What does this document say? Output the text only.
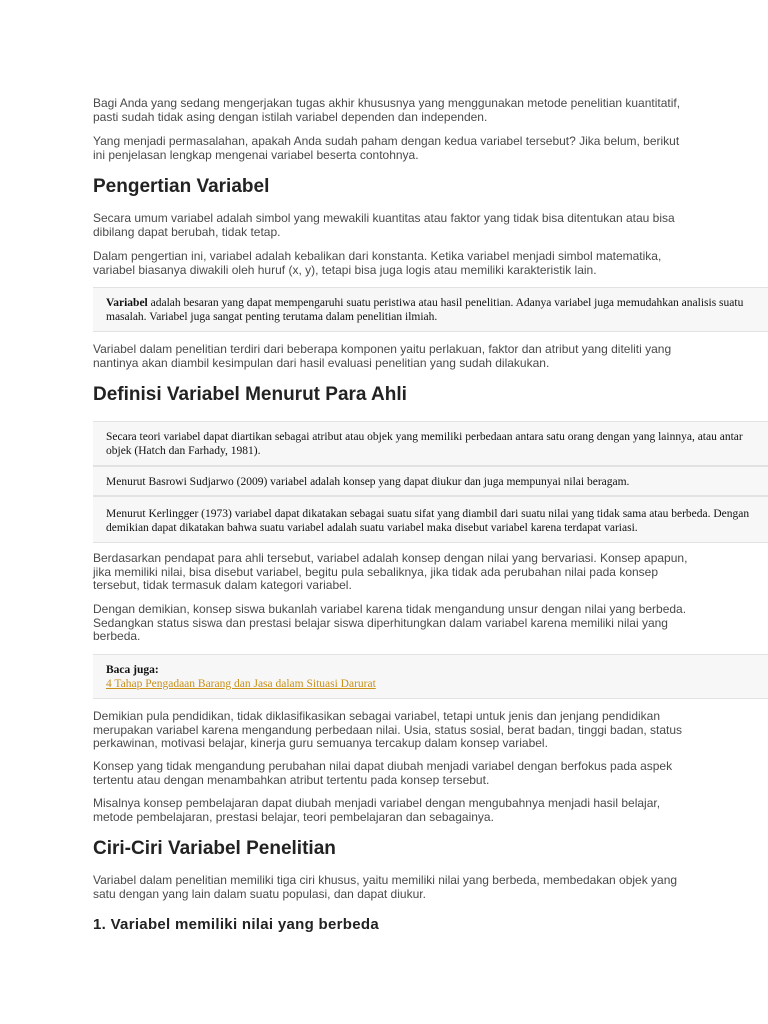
Bagi Anda yang sedang mengerjakan tugas akhir khususnya yang menggunakan metode penelitian kuantitatif, pasti sudah tidak asing dengan istilah variabel dependen dan independen.

Yang menjadi permasalahan, apakah Anda sudah paham dengan kedua variabel tersebut? Jika belum, berikut ini penjelasan lengkap mengenai variabel beserta contohnya.

Pengertian Variabel

Secara umum variabel adalah simbol yang mewakili kuantitas atau faktor yang tidak bisa ditentukan atau bisa dibilang dapat berubah, tidak tetap.

Dalam pengertian ini, variabel adalah kebalikan dari konstanta. Ketika variabel menjadi simbol matematika, variabel biasanya diwakili oleh huruf (x, y), tetapi bisa juga logis atau memiliki karakteristik lain.

Variabel adalah besaran yang dapat mempengaruhi suatu peristiwa atau hasil penelitian. Adanya variabel juga memudahkan analisis suatu masalah. Variabel juga sangat penting terutama dalam penelitian ilmiah.

Variabel dalam penelitian terdiri dari beberapa komponen yaitu perlakuan, faktor dan atribut yang diteliti yang nantinya akan diambil kesimpulan dari hasil evaluasi penelitian yang sudah dilakukan.

Definisi Variabel Menurut Para Ahli
Secara teori variabel dapat diartikan sebagai atribut atau objek yang memiliki perbedaan antara satu orang dengan yang lainnya, atau antar objek (Hatch dan Farhady, 1981).
Menurut Basrowi Sudjarwo (2009) variabel adalah konsep yang dapat diukur dan juga mempunyai nilai beragam.
Menurut Kerlingger (1973) variabel dapat dikatakan sebagai suatu sifat yang diambil dari suatu nilai yang tidak sama atau berbeda. Dengan demikian dapat dikatakan bahwa suatu variabel adalah suatu variabel maka disebut variabel karena terdapat variasi.

Berdasarkan pendapat para ahli tersebut, variabel adalah konsep dengan nilai yang bervariasi. Konsep apapun, jika memiliki nilai, bisa disebut variabel, begitu pula sebaliknya, jika tidak ada perubahan nilai pada konsep tersebut, tidak termasuk dalam kategori variabel.

Dengan demikian, konsep siswa bukanlah variabel karena tidak mengandung unsur dengan nilai yang berbeda. Sedangkan status siswa dan prestasi belajar siswa diperhitungkan dalam variabel karena memiliki nilai yang berbeda.

Baca juga:
4 Tahap Pengadaan Barang dan Jasa dalam Situasi Darurat

Demikian pula pendidikan, tidak diklasifikasikan sebagai variabel, tetapi untuk jenis dan jenjang pendidikan merupakan variabel karena mengandung perbedaan nilai. Usia, status sosial, berat badan, tinggi badan, status perkawinan, motivasi belajar, kinerja guru semuanya tercakup dalam konsep variabel.

Konsep yang tidak mengandung perubahan nilai dapat diubah menjadi variabel dengan berfokus pada aspek tertentu atau dengan menambahkan atribut tertentu pada konsep tersebut.

Misalnya konsep pembelajaran dapat diubah menjadi variabel dengan mengubahnya menjadi hasil belajar, metode pembelajaran, prestasi belajar, teori pembelajaran dan sebagainya.

Ciri-Ciri Variabel Penelitian

Variabel dalam penelitian memiliki tiga ciri khusus, yaitu memiliki nilai yang berbeda, membedakan objek yang satu dengan yang lain dalam suatu populasi, dan dapat diukur.

1. Variabel memiliki nilai yang berbeda
